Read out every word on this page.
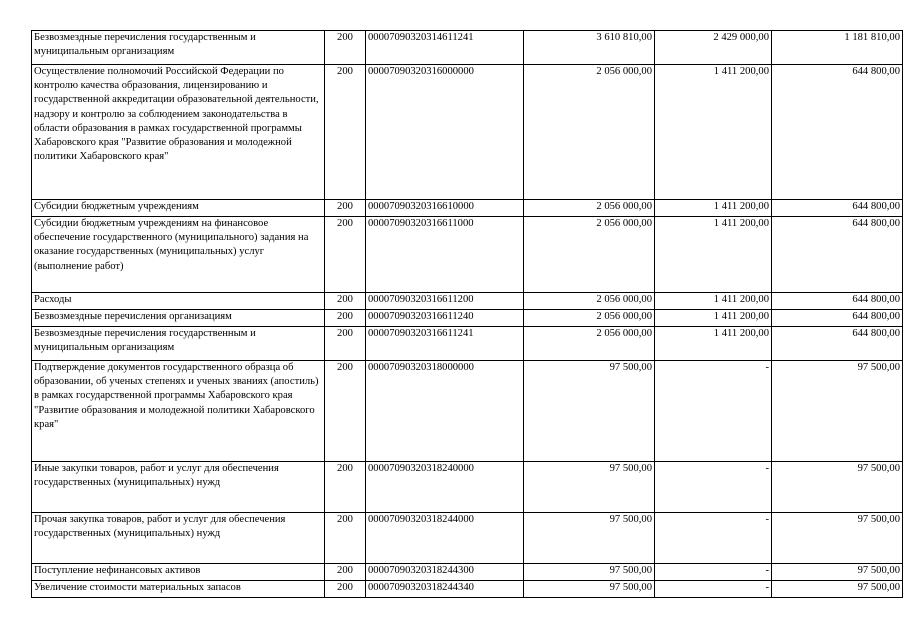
Безвозмездные перечисления государственным и муниципальным организациям	200	00007090320314611241	3 610 810,00	2 429 000,00	1 181 810,00
Осуществление полномочий Российской Федерации по контролю качества образования, лицензированию и государственной аккредитации образовательной деятельности, надзору и контролю за соблюдением законодательства в области образования в рамках государственной программы Хабаровского края "Развитие образования и молодежной политики Хабаровского края"	200	00007090320316000000	2 056 000,00	1 411 200,00	644 800,00
Субсидии бюджетным учреждениям	200	00007090320316610000	2 056 000,00	1 411 200,00	644 800,00
Субсидии бюджетным учреждениям на финансовое обеспечение государственного (муниципального) задания на оказание государственных (муниципальных) услуг (выполнение работ)	200	00007090320316611000	2 056 000,00	1 411 200,00	644 800,00
Расходы	200	00007090320316611200	2 056 000,00	1 411 200,00	644 800,00
Безвозмездные перечисления организациям	200	00007090320316611240	2 056 000,00	1 411 200,00	644 800,00
Безвозмездные перечисления государственным и муниципальным организациям	200	00007090320316611241	2 056 000,00	1 411 200,00	644 800,00
Подтверждение документов государственного образца об образовании, об ученых степенях и ученых званиях (апостиль) в рамках государственной программы Хабаровского края "Развитие образования и молодежной политики Хабаровского края"	200	00007090320318000000	97 500,00	-	97 500,00
Иные закупки товаров, работ и услуг для обеспечения государственных (муниципальных) нужд	200	00007090320318240000	97 500,00	-	97 500,00
Прочая закупка товаров, работ и услуг для обеспечения государственных (муниципальных) нужд	200	00007090320318244000	97 500,00	-	97 500,00
Поступление нефинансовых активов	200	00007090320318244300	97 500,00	-	97 500,00
Увеличение стоимости материальных запасов	200	00007090320318244340	97 500,00	-	97 500,00
